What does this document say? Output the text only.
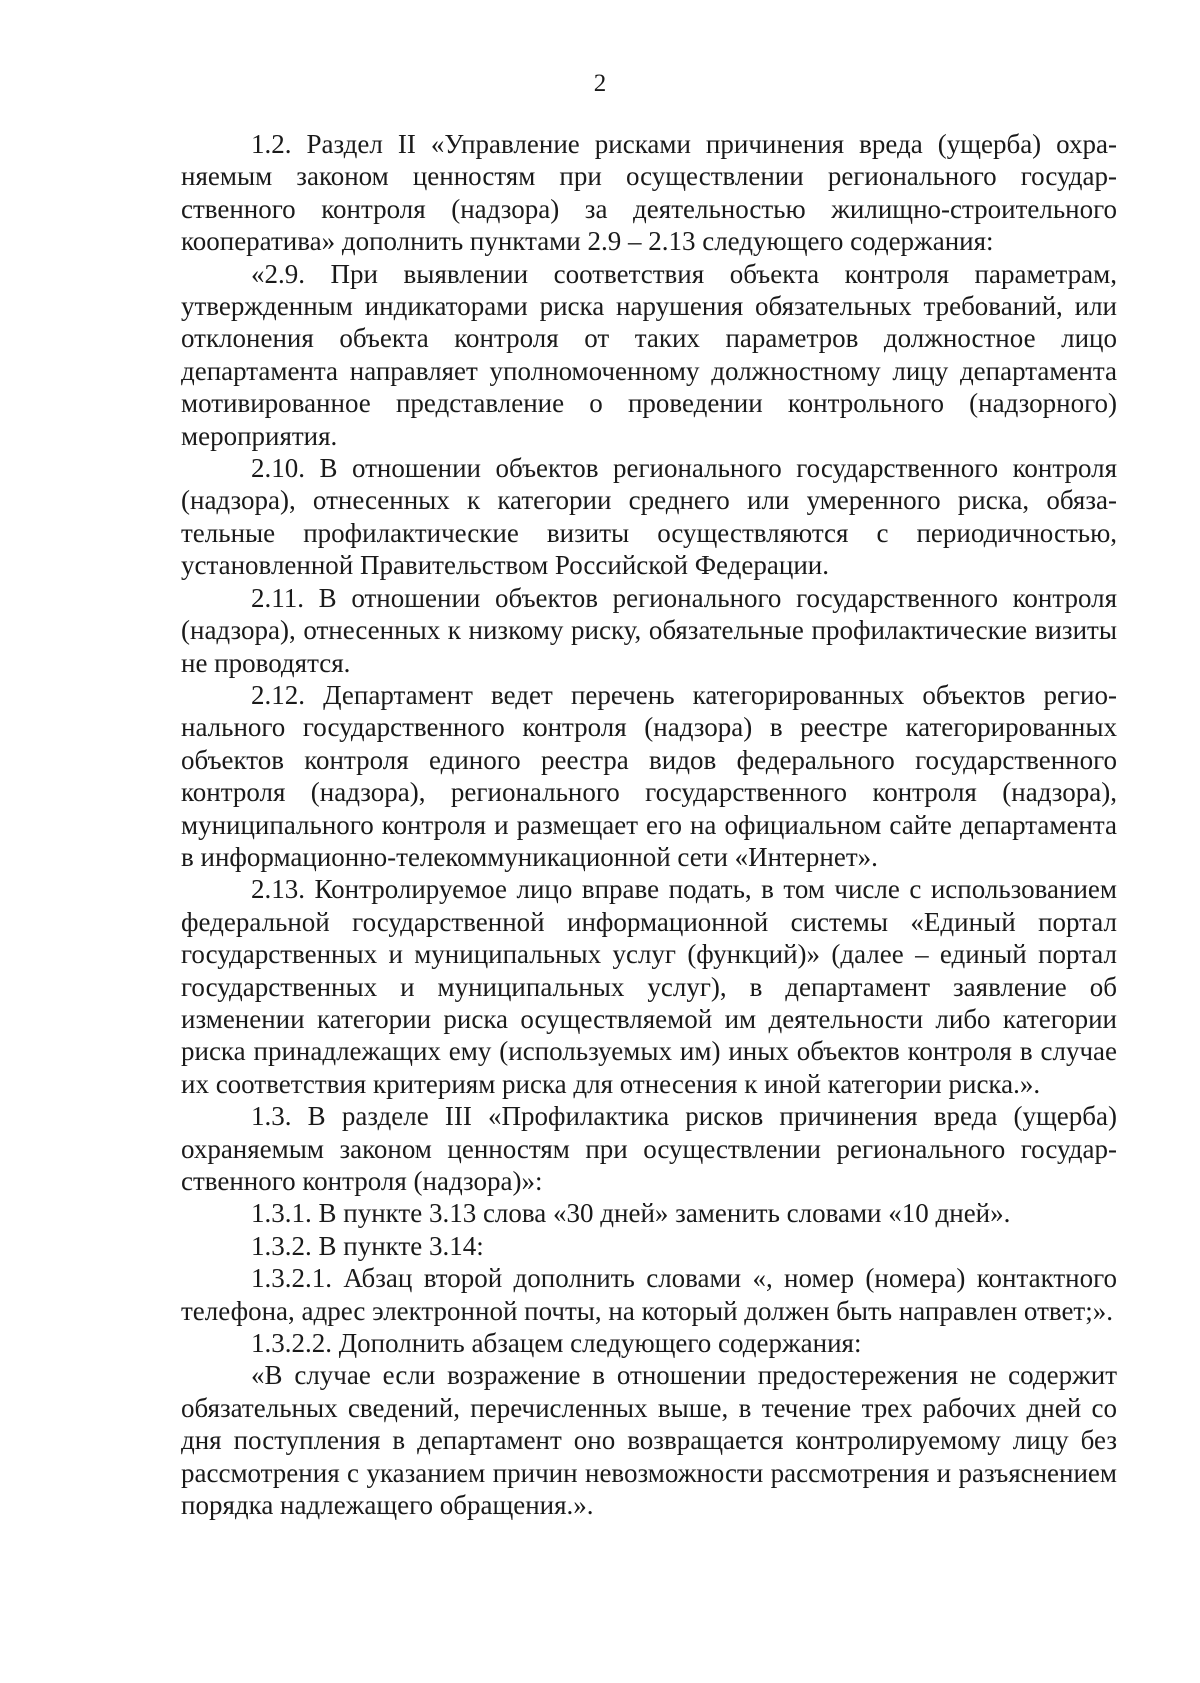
2

1.2. Раздел II «Управление рисками причинения вреда (ущерба) охраняемым законом ценностям при осуществлении регионального государственного контроля (надзора) за деятельностью жилищно-строительного кооператива» дополнить пунктами 2.9 – 2.13 следующего содержания:

«2.9. При выявлении соответствия объекта контроля параметрам, утвержденным индикаторами риска нарушения обязательных требований, или отклонения объекта контроля от таких параметров должностное лицо департамента направляет уполномоченному должностному лицу департамента мотивированное представление о проведении контрольного (надзорного) мероприятия.

2.10. В отношении объектов регионального государственного контроля (надзора), отнесенных к категории среднего или умеренного риска, обязательные профилактические визиты осуществляются с периодичностью, установленной Правительством Российской Федерации.

2.11. В отношении объектов регионального государственного контроля (надзора), отнесенных к низкому риску, обязательные профилактические визиты не проводятся.

2.12. Департамент ведет перечень категорированных объектов регионального государственного контроля (надзора) в реестре категорированных объектов контроля единого реестра видов федерального государственного контроля (надзора), регионального государственного контроля (надзора), муниципального контроля и размещает его на официальном сайте департамента в информационно-телекоммуникационной сети «Интернет».

2.13. Контролируемое лицо вправе подать, в том числе с использованием федеральной государственной информационной системы «Единый портал государственных и муниципальных услуг (функций)» (далее – единый портал государственных и муниципальных услуг), в департамент заявление об изменении категории риска осуществляемой им деятельности либо категории риска принадлежащих ему (используемых им) иных объектов контроля в случае их соответствия критериям риска для отнесения к иной категории риска.».

1.3. В разделе III «Профилактика рисков причинения вреда (ущерба) охраняемым законом ценностям при осуществлении регионального государственного контроля (надзора)»:

1.3.1. В пункте 3.13 слова «30 дней» заменить словами «10 дней».

1.3.2. В пункте 3.14:

1.3.2.1. Абзац второй дополнить словами «, номер (номера) контактного телефона, адрес электронной почты, на который должен быть направлен ответ;».

1.3.2.2. Дополнить абзацем следующего содержания:

«В случае если возражение в отношении предостережения не содержит обязательных сведений, перечисленных выше, в течение трех рабочих дней со дня поступления в департамент оно возвращается контролируемому лицу без рассмотрения с указанием причин невозможности рассмотрения и разъяснением порядка надлежащего обращения.».
